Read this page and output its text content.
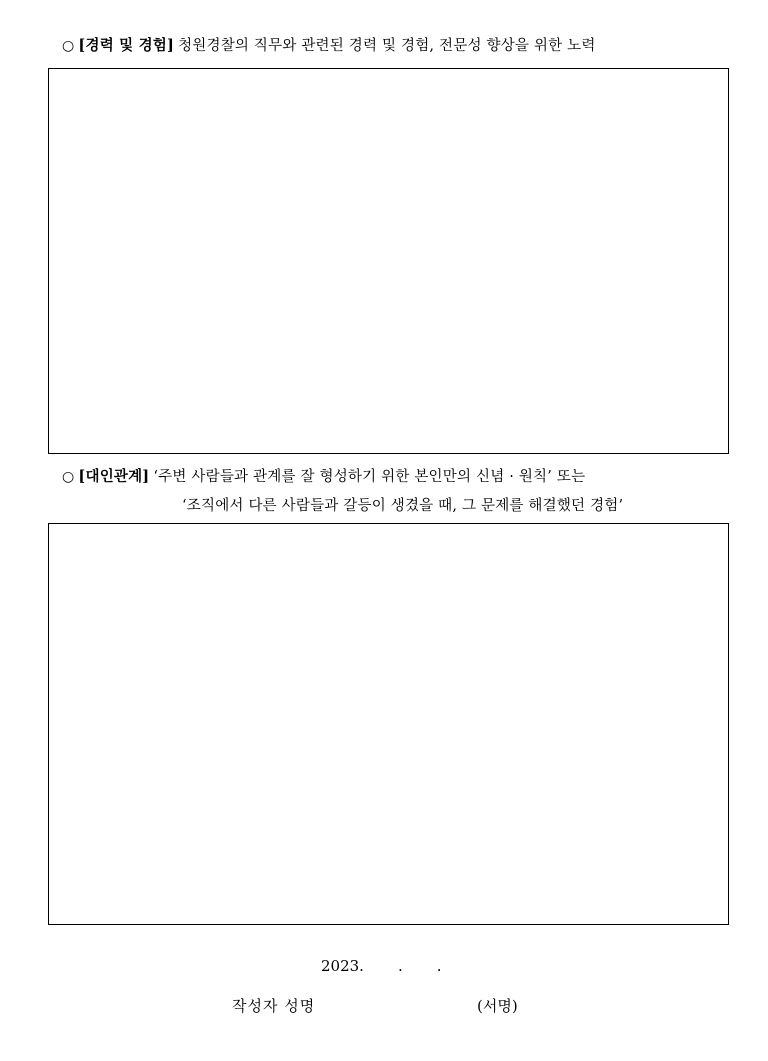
○ [경력 및 경험] 청원경찰의 직무와 관련된 경력 및 경험, 전문성 향상을 위한 노력
○ [대인관계] ‘주변 사람들과 관계를 잘 형성하기 위한 본인만의 신념 · 원칙’ 또는
‘조직에서 다른 사람들과 갈등이 생겼을 때, 그 문제를 해결했던 경험’
2023. . .
작성자 성명	(서명)
